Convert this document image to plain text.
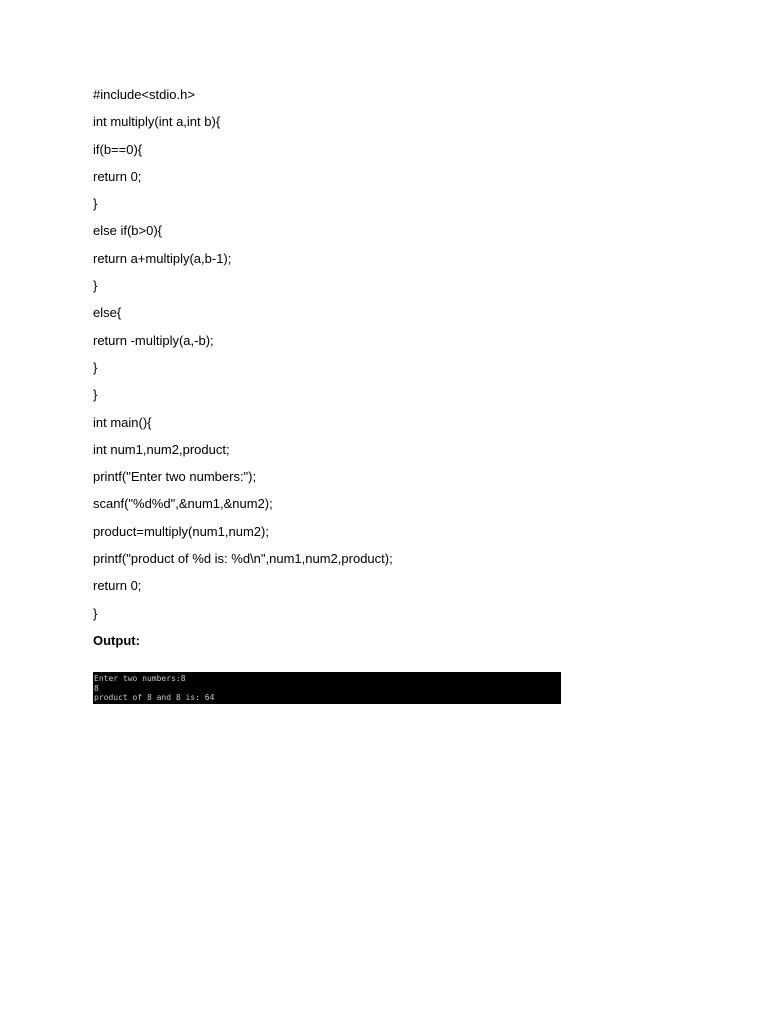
#include<stdio.h>
int multiply(int a,int b){
if(b==0){
return 0;
}
else if(b>0){
return a+multiply(a,b-1);
}
else{
return -multiply(a,-b);
}
}
int main(){
int num1,num2,product;
printf("Enter two numbers:");
scanf("%d%d",&num1,&num2);
product=multiply(num1,num2);
printf("product of %d is: %d\n",num1,num2,product);
return 0;
}
Output:
Enter two numbers:8
8
product of 8 and 8 is: 64
